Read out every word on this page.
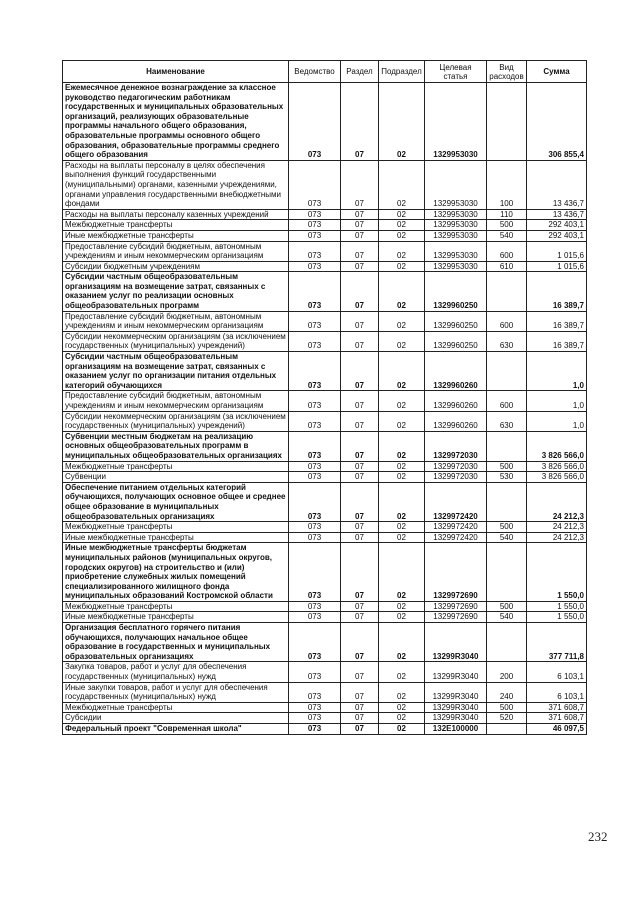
Наименование	Ведомство	Раздел	Подраздел	Целевая статья	Вид расходов	Сумма
Ежемесячное денежное вознаграждение за классное руководство педагогическим работникам государственных и муниципальных образовательных организаций, реализующих образовательные программы начального общего образования, образовательные программы основного общего образования, образовательные программы среднего общего образования	073	07	02	1329953030		306 855,4
Расходы на выплаты персоналу в целях обеспечения выполнения функций государственными (муниципальными) органами, казенными учреждениями, органами управления государственными внебюджетными фондами	073	07	02	1329953030	100	13 436,7
Расходы на выплаты персоналу казенных учреждений	073	07	02	1329953030	110	13 436,7
Межбюджетные трансферты	073	07	02	1329953030	500	292 403,1
Иные межбюджетные трансферты	073	07	02	1329953030	540	292 403,1
Предоставление субсидий бюджетным, автономным учреждениям и иным некоммерческим организациям	073	07	02	1329953030	600	1 015,6
Субсидии бюджетным учреждениям	073	07	02	1329953030	610	1 015,6
Субсидии частным общеобразовательным организациям на возмещение затрат, связанных с оказанием услуг по реализации основных общеобразовательных программ	073	07	02	1329960250		16 389,7
Предоставление субсидий бюджетным, автономным учреждениям и иным некоммерческим организациям	073	07	02	1329960250	600	16 389,7
Субсидии некоммерческим организациям (за исключением государственных (муниципальных) учреждений)	073	07	02	1329960250	630	16 389,7
Субсидии частным общеобразовательным организациям на возмещение затрат, связанных с оказанием услуг по организации питания отдельных категорий обучающихся	073	07	02	1329960260		1,0
Предоставление субсидий бюджетным, автономным учреждениям и иным некоммерческим организациям	073	07	02	1329960260	600	1,0
Субсидии некоммерческим организациям (за исключением государственных (муниципальных) учреждений)	073	07	02	1329960260	630	1,0
Субвенции местным бюджетам на реализацию основных общеобразовательных программ в муниципальных общеобразовательных организациях	073	07	02	1329972030		3 826 566,0
Межбюджетные трансферты	073	07	02	1329972030	500	3 826 566,0
Субвенции	073	07	02	1329972030	530	3 826 566,0
Обеспечение питанием отдельных категорий обучающихся, получающих основное общее и среднее общее образование в муниципальных общеобразовательных организациях	073	07	02	1329972420		24 212,3
Межбюджетные трансферты	073	07	02	1329972420	500	24 212,3
Иные межбюджетные трансферты	073	07	02	1329972420	540	24 212,3
Иные межбюджетные трансферты бюджетам муниципальных районов (муниципальных округов, городских округов) на строительство и (или) приобретение служебных жилых помещений специализированного жилищного фонда муниципальных образований Костромской области	073	07	02	1329972690		1 550,0
Межбюджетные трансферты	073	07	02	1329972690	500	1 550,0
Иные межбюджетные трансферты	073	07	02	1329972690	540	1 550,0
Организация бесплатного горячего питания обучающихся, получающих начальное общее образование в государственных и муниципальных образовательных организациях	073	07	02	13299R3040		377 711,8
Закупка товаров, работ и услуг для обеспечения государственных (муниципальных) нужд	073	07	02	13299R3040	200	6 103,1
Иные закупки товаров, работ и услуг для обеспечения государственных (муниципальных) нужд	073	07	02	13299R3040	240	6 103,1
Межбюджетные трансферты	073	07	02	13299R3040	500	371 608,7
Субсидии	073	07	02	13299R3040	520	371 608,7
Федеральный проект "Современная школа"	073	07	02	132E100000		46 097,5
232
